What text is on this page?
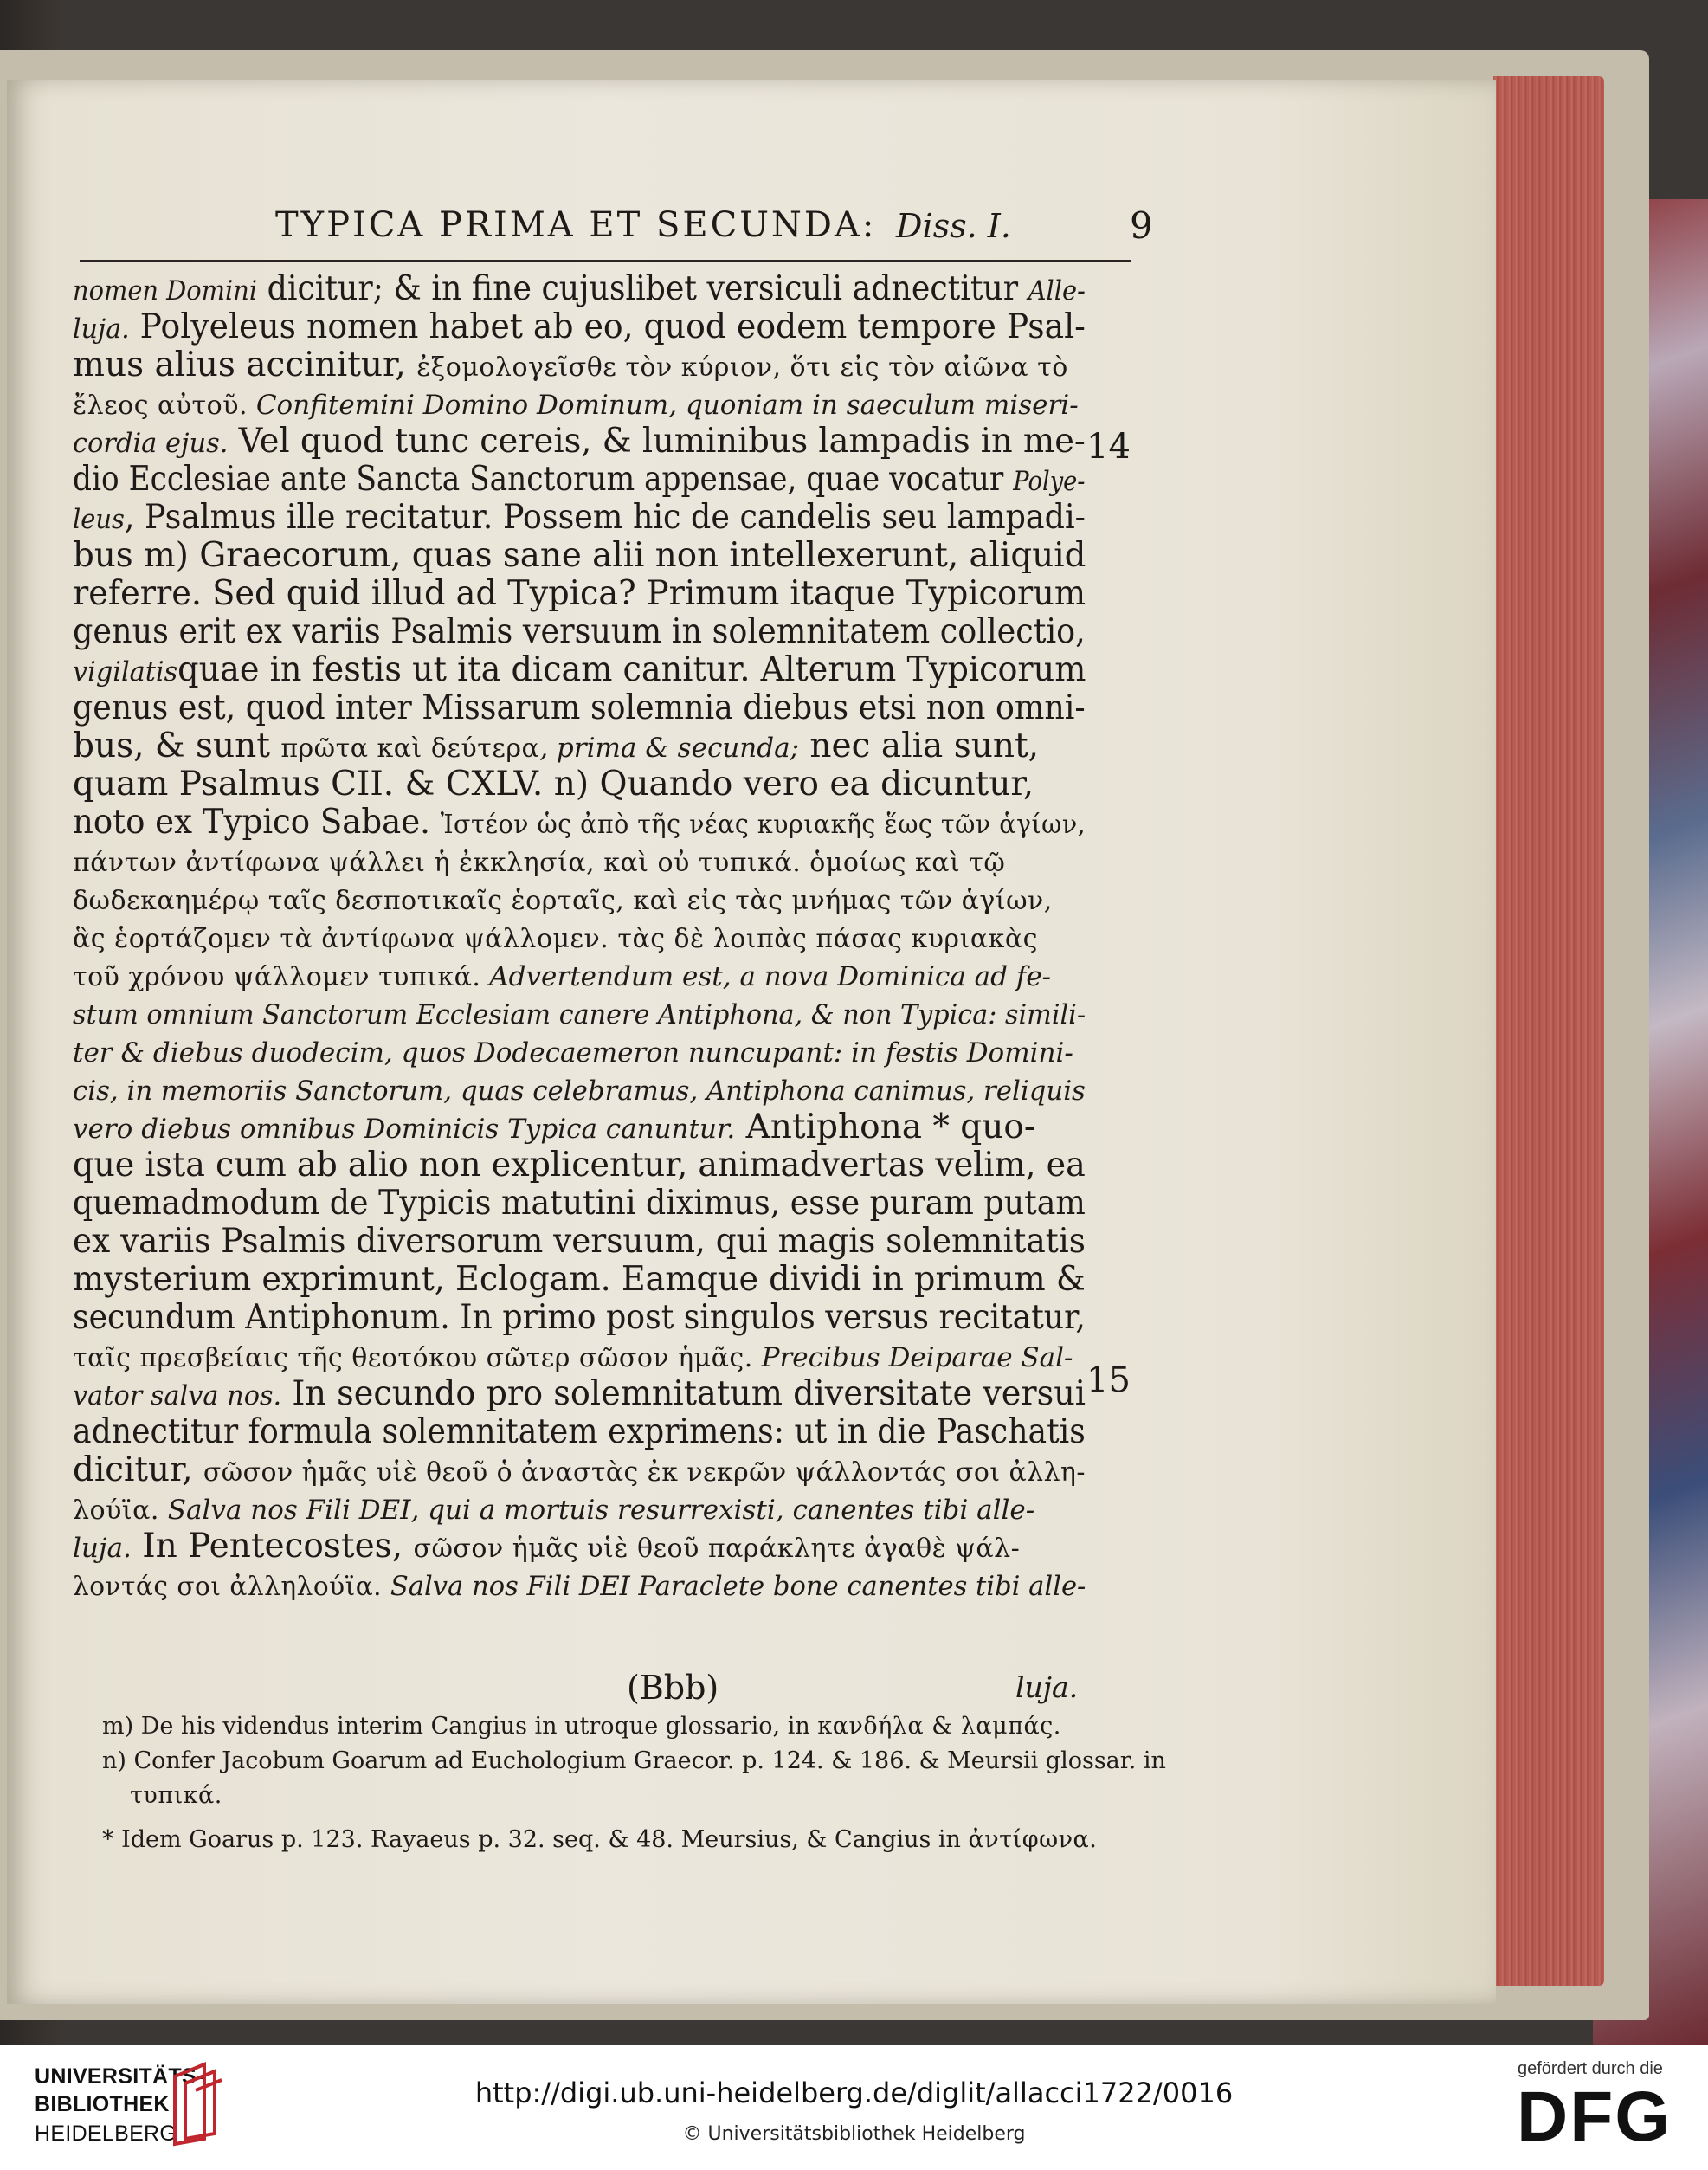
TYPICA PRIMA ET SECUNDA: Diss. I.	9
nomen Domini dicitur; & in fine cujuslibet versiculi adnectitur Alle-
luja. Polyeleus nomen habet ab eo, quod eodem tempore Psal-
mus alius accinitur, ἐξομολογεῖσθε τὸν κύριον, ὅτι εἰς τὸν αἰῶνα τὸ
ἔλεος αὐτοῦ. Confitemini Domino Dominum, quoniam in saeculum miseri-
cordia ejus. Vel quod tunc cereis, & luminibus lampadis in me-
dio Ecclesiae ante Sancta Sanctorum appensae, quae vocatur Polye-
leus, Psalmus ille recitatur. Possem hic de candelis seu lampadi-
bus m) Graecorum, quas sane alii non intellexerunt, aliquid
referre. Sed quid illud ad Typica? Primum itaque Typicorum
genus erit ex variis Psalmis versuum in solemnitatem collectio,
vigilatisquae in festis ut ita dicam canitur. Alterum Typicorum
genus est, quod inter Missarum solemnia diebus etsi non omni-
bus, & sunt πρῶτα καὶ δεύτερα, prima & secunda; nec alia sunt,
quam Psalmus CII. & CXLV. n) Quando vero ea dicuntur,
noto ex Typico Sabae. Ἰστέον ὡς ἀπὸ τῆς νέας κυριακῆς ἕως τῶν ἁγίων,
πάντων ἀντίφωνα ψάλλει ἡ ἐκκλησία, καὶ οὐ τυπικά. ὁμοίως καὶ τῷ
δωδεκαημέρῳ ταῖς δεσποτικαῖς ἑορταῖς, καὶ εἰς τὰς μνήμας τῶν ἁγίων,
ἃς ἑορτάζομεν τὰ ἀντίφωνα ψάλλομεν. τὰς δὲ λοιπὰς πάσας κυριακὰς
τοῦ χρόνου ψάλλομεν τυπικά. Advertendum est, a nova Dominica ad fe-
stum omnium Sanctorum Ecclesiam canere Antiphona, & non Typica: simili-
ter & diebus duodecim, quos Dodecaemeron nuncupant: in festis Domini-
cis, in memoriis Sanctorum, quas celebramus, Antiphona canimus, reliquis
vero diebus omnibus Dominicis Typica canuntur. Antiphona * quo-
que ista cum ab alio non explicentur, animadvertas velim, ea
quemadmodum de Typicis matutini diximus, esse puram putam
ex variis Psalmis diversorum versuum, qui magis solemnitatis
mysterium exprimunt, Eclogam. Eamque dividi in primum &
secundum Antiphonum. In primo post singulos versus recitatur,
ταῖς πρεσβείαις τῆς θεοτόκου σῶτερ σῶσον ἡμᾶς. Precibus Deiparae Sal-
vator salva nos. In secundo pro solemnitatum diversitate versui
adnectitur formula solemnitatem exprimens: ut in die Paschatis
dicitur, σῶσον ἡμᾶς υἱὲ θεοῦ ὁ ἀναστὰς ἐκ νεκρῶν ψάλλοντάς σοι ἀλλη-
λούϊα. Salva nos Fili DEI, qui a mortuis resurrexisti, canentes tibi alle-
luja. In Pentecostes, σῶσον ἡμᾶς υἱὲ θεοῦ παράκλητε ἀγαθὲ ψάλ-
λοντάς σοι ἀλληλούϊα. Salva nos Fili DEI Paraclete bone canentes tibi alle-
14
15
(Bbb)	luja.
m) De his videndus interim Cangius in utroque glossario, in κανδήλα & λαμπάς.
n) Confer Jacobum Goarum ad Euchologium Graecor. p. 124. & 186. & Meursii glossar. in
τυπικά.
* Idem Goarus p. 123. Rayaeus p. 32. seq. & 48. Meursius, & Cangius in ἀντίφωνα.
UNIVERSITÄTS-
BIBLIOTHEK
HEIDELBERG
http://digi.ub.uni-heidelberg.de/diglit/allacci1722/0016
© Universitätsbibliothek Heidelberg
gefördert durch die
DFG
